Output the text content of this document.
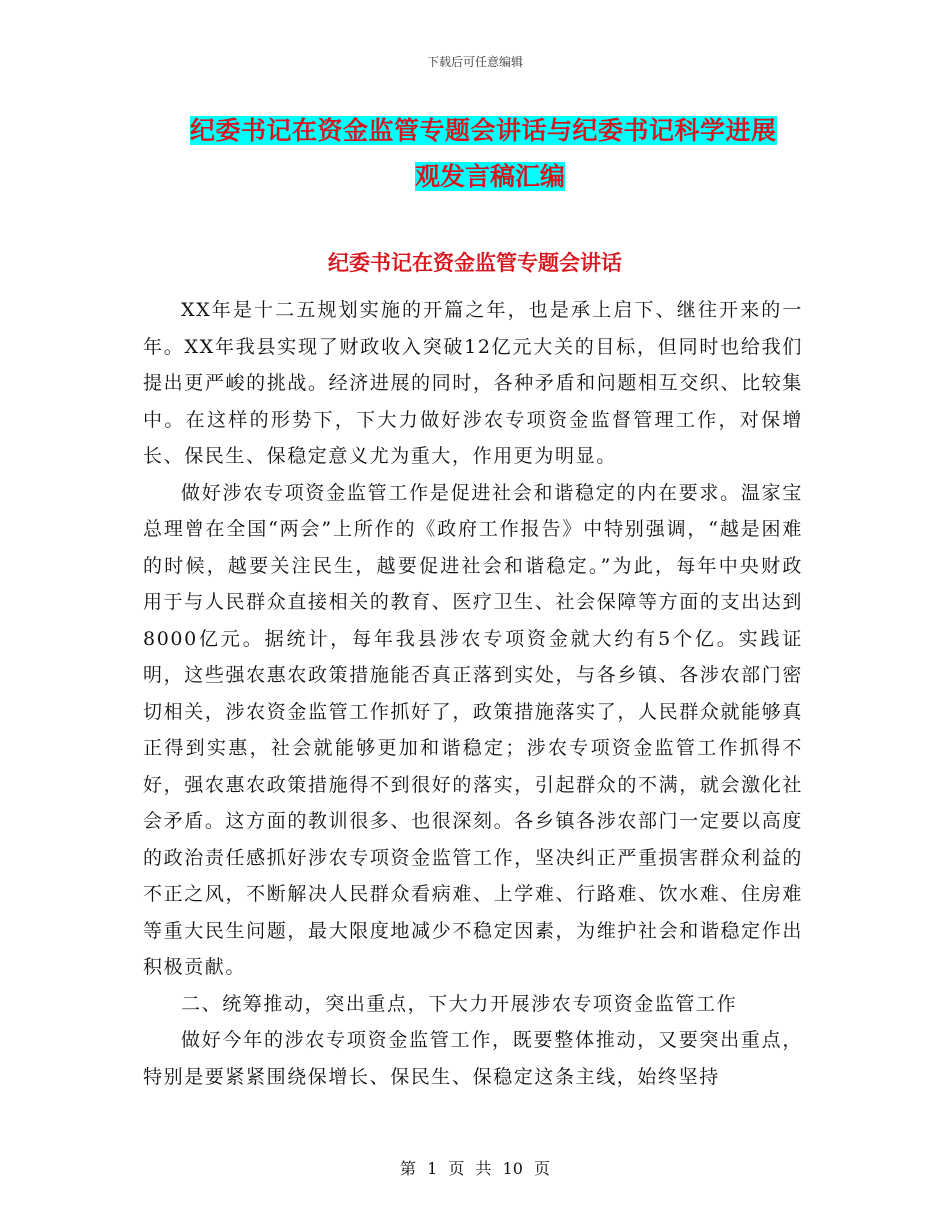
下载后可任意编辑
纪委书记在资金监管专题会讲话与纪委书记科学进展
观发言稿汇编
纪委书记在资金监管专题会讲话

XX年是十二五规划实施的开篇之年，也是承上启下、继往开来的一年。XX年我县实现了财政收入突破12亿元大关的目标，但同时也给我们提出更严峻的挑战。经济进展的同时，各种矛盾和问题相互交织、比较集中。在这样的形势下，下大力做好涉农专项资金监督管理工作，对保增长、保民生、保稳定意义尤为重大，作用更为明显。

做好涉农专项资金监管工作是促进社会和谐稳定的内在要求。温家宝总理曾在全国“两会”上所作的《政府工作报告》中特别强调，“越是困难的时候，越要关注民生，越要促进社会和谐稳定。”为此，每年中央财政用于与人民群众直接相关的教育、医疗卫生、社会保障等方面的支出达到8000亿元。据统计，每年我县涉农专项资金就大约有5个亿。实践证明，这些强农惠农政策措施能否真正落到实处，与各乡镇、各涉农部门密切相关，涉农资金监管工作抓好了，政策措施落实了，人民群众就能够真正得到实惠，社会就能够更加和谐稳定；涉农专项资金监管工作抓得不好，强农惠农政策措施得不到很好的落实，引起群众的不满，就会激化社会矛盾。这方面的教训很多、也很深刻。各乡镇各涉农部门一定要以高度的政治责任感抓好涉农专项资金监管工作，坚决纠正严重损害群众利益的不正之风，不断解决人民群众看病难、上学难、行路难、饮水难、住房难等重大民生问题，最大限度地减少不稳定因素，为维护社会和谐稳定作出积极贡献。

二、统筹推动，突出重点，下大力开展涉农专项资金监管工作

做好今年的涉农专项资金监管工作，既要整体推动，又要突出重点，特别是要紧紧围绕保增长、保民生、保稳定这条主线，始终坚持

第 1 页 共 10 页
